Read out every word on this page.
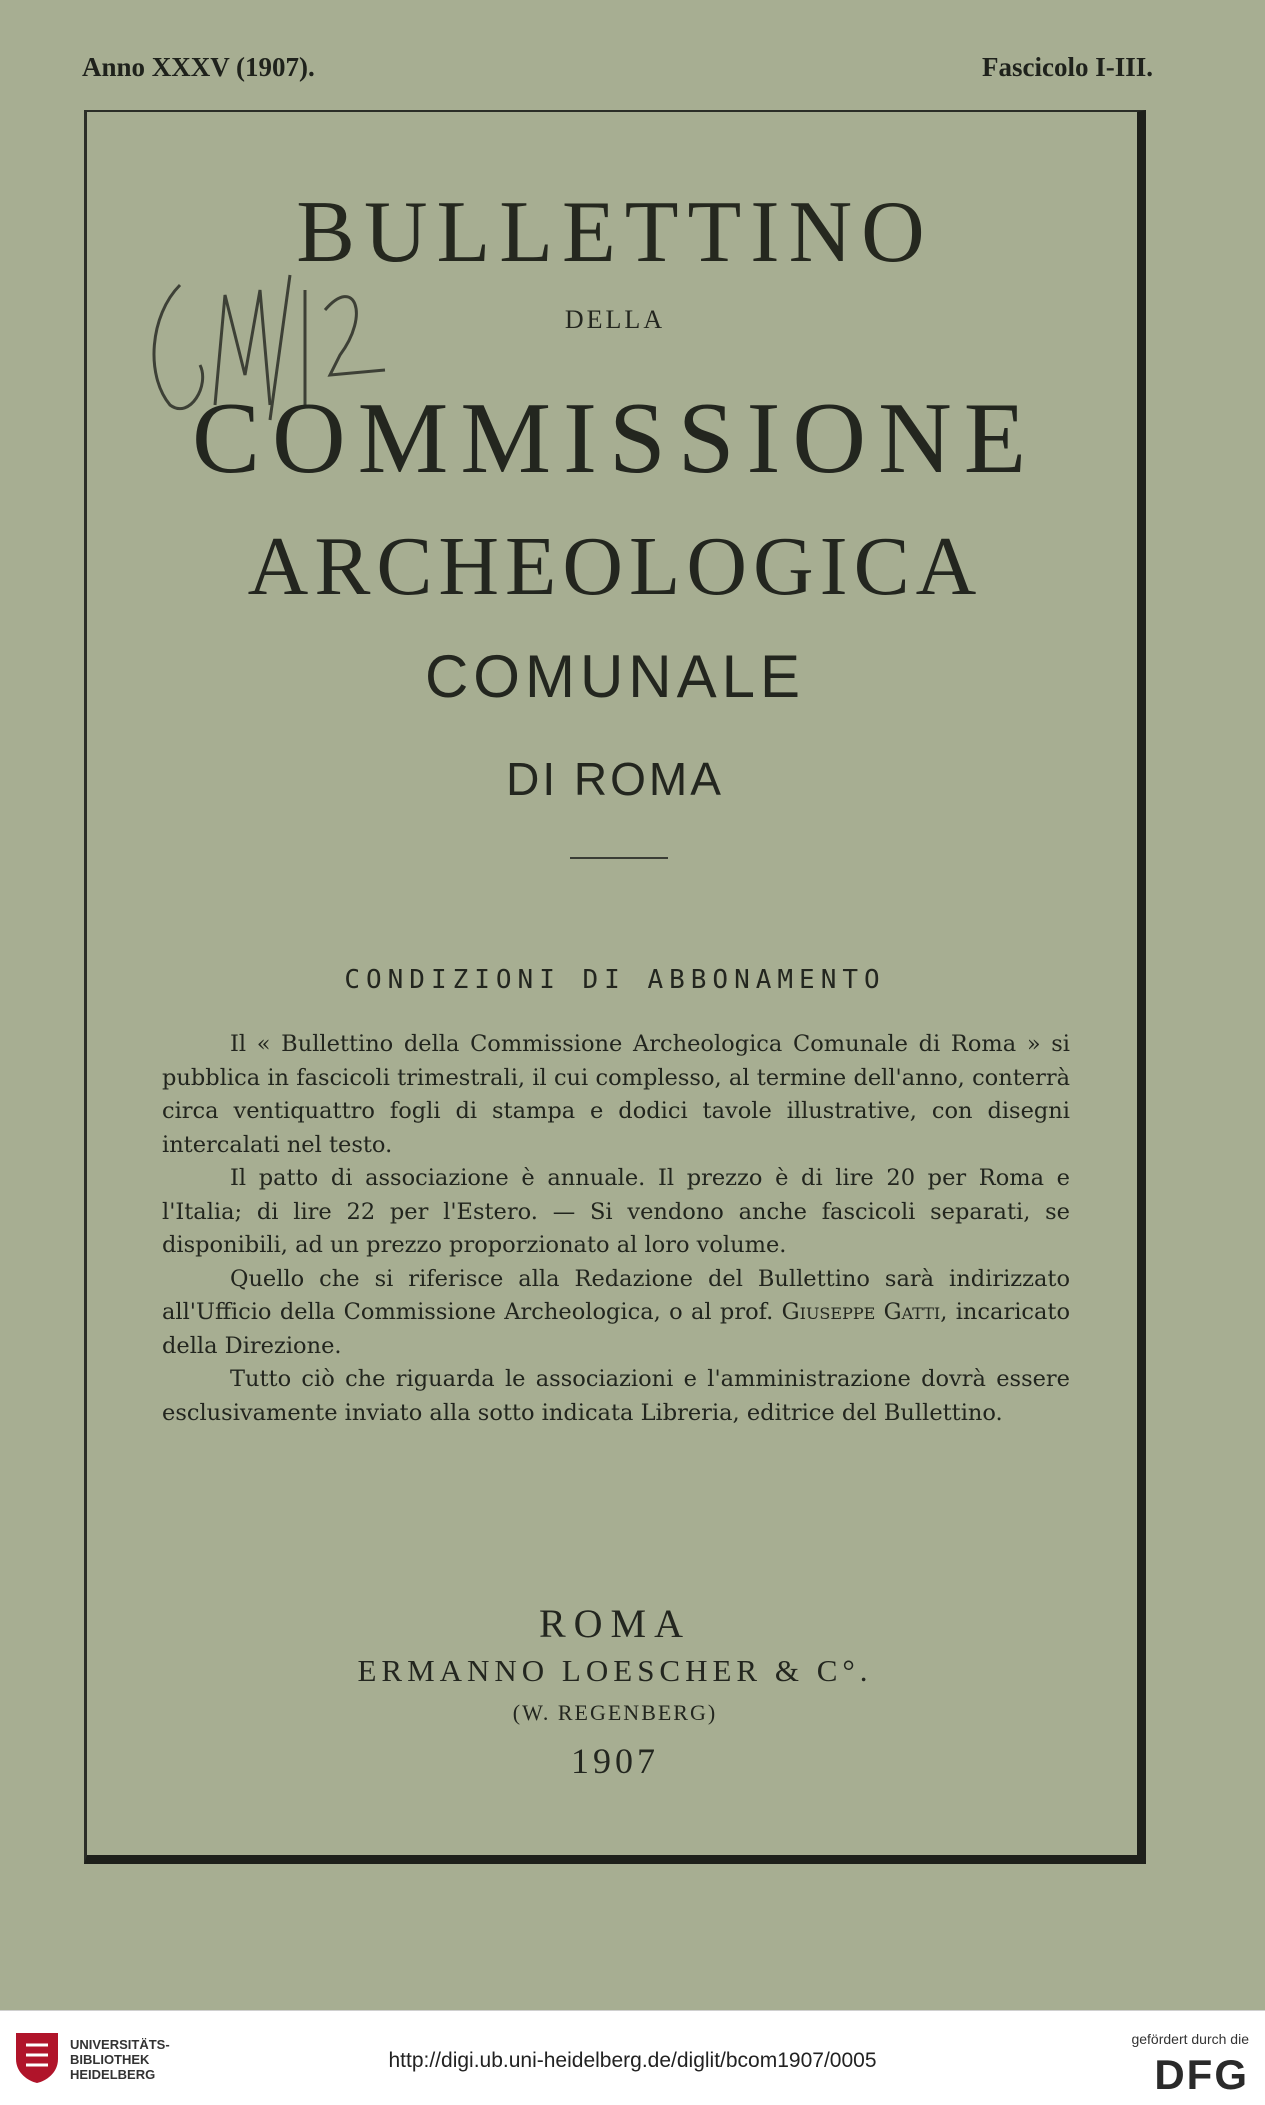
Anno XXXV (1907).	Fascicolo I-III.
BULLETTINO
DELLA
COMMISSIONE
ARCHEOLOGICA
COMUNALE
DI ROMA
CONDIZIONI DI ABBONAMENTO

Il « Bullettino della Commissione Archeologica Comunale di Roma » si pubblica in fascicoli trimestrali, il cui complesso, al termine dell'anno, conterrà circa ventiquattro fogli di stampa e dodici tavole illustrative, con disegni intercalati nel testo.

Il patto di associazione è annuale. Il prezzo è di lire 20 per Roma e l'Italia; di lire 22 per l'Estero. — Si vendono anche fascicoli separati, se disponibili, ad un prezzo proporzionato al loro volume.

Quello che si riferisce alla Redazione del Bullettino sarà indirizzato all'Ufficio della Commissione Archeologica, o al prof. Giuseppe Gatti, incaricato della Direzione.

Tutto ciò che riguarda le associazioni e l'amministrazione dovrà essere esclusivamente inviato alla sotto indicata Libreria, editrice del Bullettino.

ROMA
ERMANNO LOESCHER & C°.
(W. REGENBERG)
1907
UNIVERSITÄTS-
BIBLIOTHEK
HEIDELBERG
http://digi.ub.uni-heidelberg.de/diglit/bcom1907/0005
gefördert durch die
DFG
